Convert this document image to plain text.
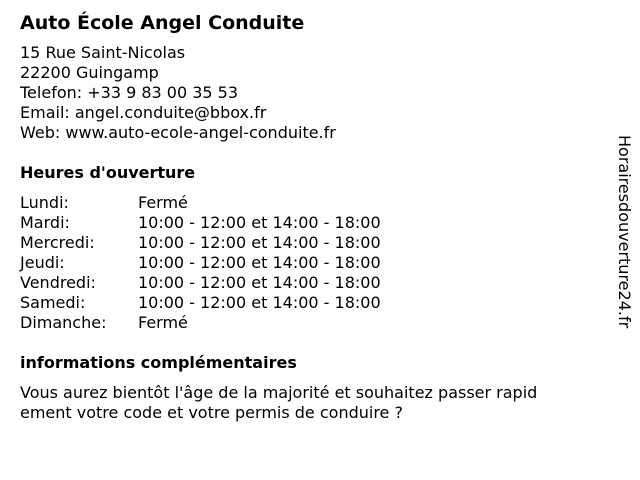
Auto École Angel Conduite
15 Rue Saint-Nicolas
22200 Guingamp
Telefon: +33 9 83 00 35 53
Email: angel.conduite@bbox.fr
Web: www.auto-ecole-angel-conduite.fr
Heures d'ouverture
Lundi:	Fermé
Mardi:	10:00 - 12:00 et 14:00 - 18:00
Mercredi:	10:00 - 12:00 et 14:00 - 18:00
Jeudi:	10:00 - 12:00 et 14:00 - 18:00
Vendredi:	10:00 - 12:00 et 14:00 - 18:00
Samedi:	10:00 - 12:00 et 14:00 - 18:00
Dimanche:	Fermé
informations complémentaires
Vous aurez bientôt l'âge de la majorité et souhaitez passer rapid
ement votre code et votre permis de conduire ?
Horairesdouverture24.fr
